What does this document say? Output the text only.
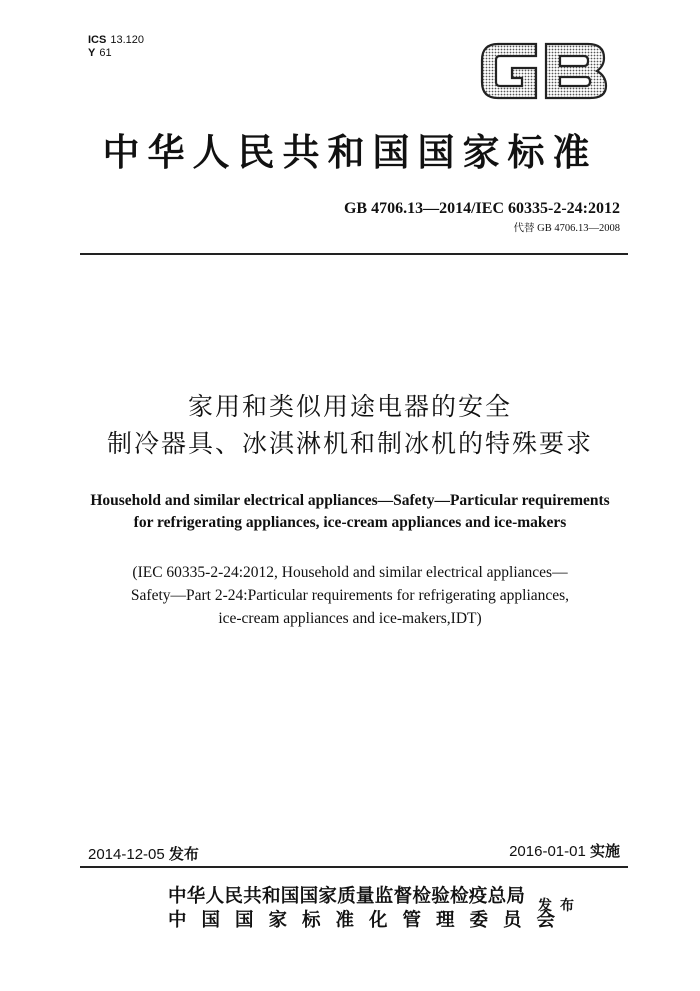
ICS 13.120
Y 61
GB
中华人民共和国国家标准
GB 4706.13—2014/IEC 60335-2-24:2012
代替 GB 4706.13—2008
家用和类似用途电器的安全
制冷器具、冰淇淋机和制冰机的特殊要求
Household and similar electrical appliances—Safety—Particular requirements
for refrigerating appliances, ice-cream appliances and ice-makers
(IEC 60335-2-24:2012, Household and similar electrical appliances—
Safety—Part 2-24:Particular requirements for refrigerating appliances,
ice-cream appliances and ice-makers,IDT)
2014-12-05 发布	2016-01-01 实施
中华人民共和国国家质量监督检验检疫总局
中国国家标准化管理委员会
发布
